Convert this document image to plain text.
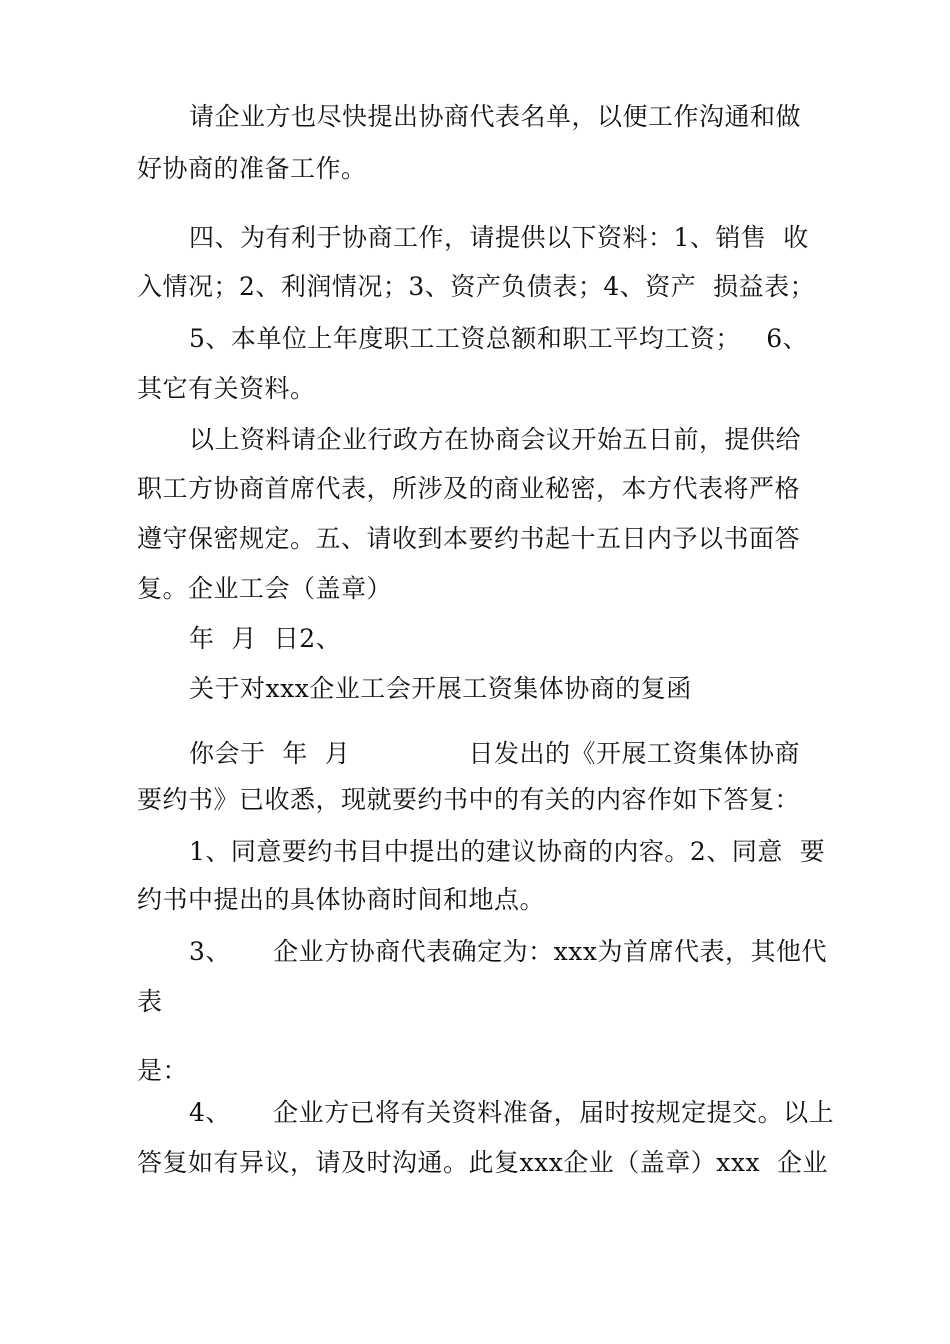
请企业方也尽快提出协商代表名单，以便工作沟通和做
好协商的准备工作。
四、为有利于协商工作，请提供以下资料：1、销售  收
入情况；2、利润情况；3、资产负债表；4、资产  损益表；
5、本单位上年度职工工资总额和职工平均工资；   6、
其它有关资料。
以上资料请企业行政方在协商会议开始五日前，提供给
职工方协商首席代表，所涉及的商业秘密，本方代表将严格
遵守保密规定。五、请收到本要约书起十五日内予以书面答
复。企业工会（盖章）
年  月  日2、
关于对xxx企业工会开展工资集体协商的复函
你会于  年  月              日发出的《开展工资集体协商
要约书》已收悉，现就要约书中的有关的内容作如下答复：
1、同意要约书目中提出的建议协商的内容。2、同意  要
约书中提出的具体协商时间和地点。
3、     企业方协商代表确定为：xxx为首席代表，其他代
表
是：
4、     企业方已将有关资料准备，届时按规定提交。以上
答复如有异议，请及时沟通。此复xxx企业（盖章）xxx  企业
